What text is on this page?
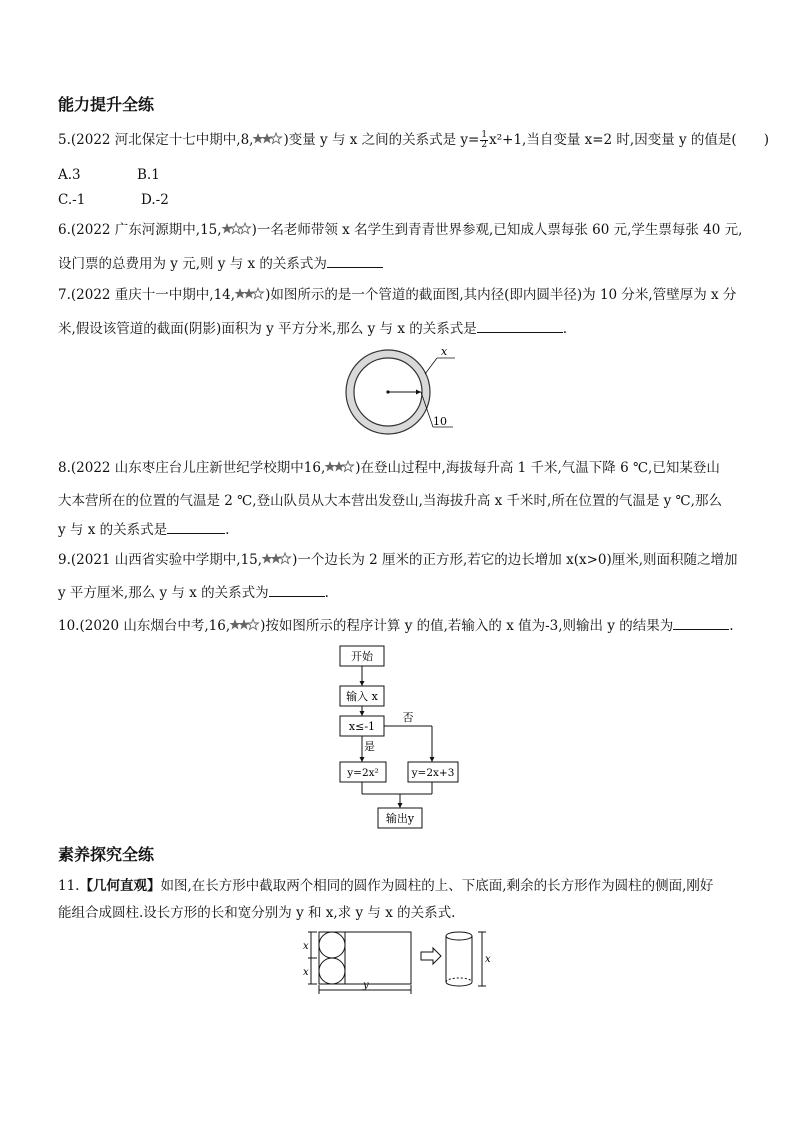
能力提升全练
5.(2022 河北保定十七中期中,8, )变量 y 与 x 之间的关系式是 $y= \frac{1}{2} x^2+1$,当自变量 x=2 时,因变量 y 的值是(　　)
A.3	B.1
C.-1	D.-2
6.(2022 广东河源期中,15, )一名老师带领 x 名学生到青青世界参观,已知成人票每张 60 元,学生票每张 40 元,
设门票的总费用为 y 元,则 y 与 x 的关系式为
7.(2022 重庆十一中期中,14, )如图所示的是一个管道的截面图,其内径(即内圆半径)为 10 分米,管壁厚为 x 分
米,假设该管道的截面(阴影)面积为 y 平方分米,那么 y 与 x 的关系式是	.
10
x
8.(2022 山东枣庄台儿庄新世纪学校期中16, )在登山过程中,海拔每升高 1 千米,气温下降 6 ℃,已知某登山
大本营所在的位置的气温是 2 ℃,登山队员从大本营出发登山,当海拔升高 x 千米时,所在位置的气温是 y ℃,那么
y 与 x 的关系式是	.
9.(2021 山西省实验中学期中,15, )一个边长为 2 厘米的正方形,若它的边长增加 x(x>0)厘米,则面积随之增加
y 平方厘米,那么 y 与 x 的关系式为	.
10.(2020 山东烟台中考,16, )按如图所示的程序计算 y 的值,若输入的 x 值为-3,则输出 y 的结果为	.
开始
输入 x
x≤-1
否
是
y=2x²	y=2x+3
输出y
素养探究全练
11.【几何直观】如图,在长方形中截取两个相同的圆作为圆柱的上、下底面,剩余的长方形作为圆柱的侧面,刚好
能组合成圆柱.设长方形的长和宽分别为 y 和 x,求 y 与 x 的关系式.
x
x
y
x
